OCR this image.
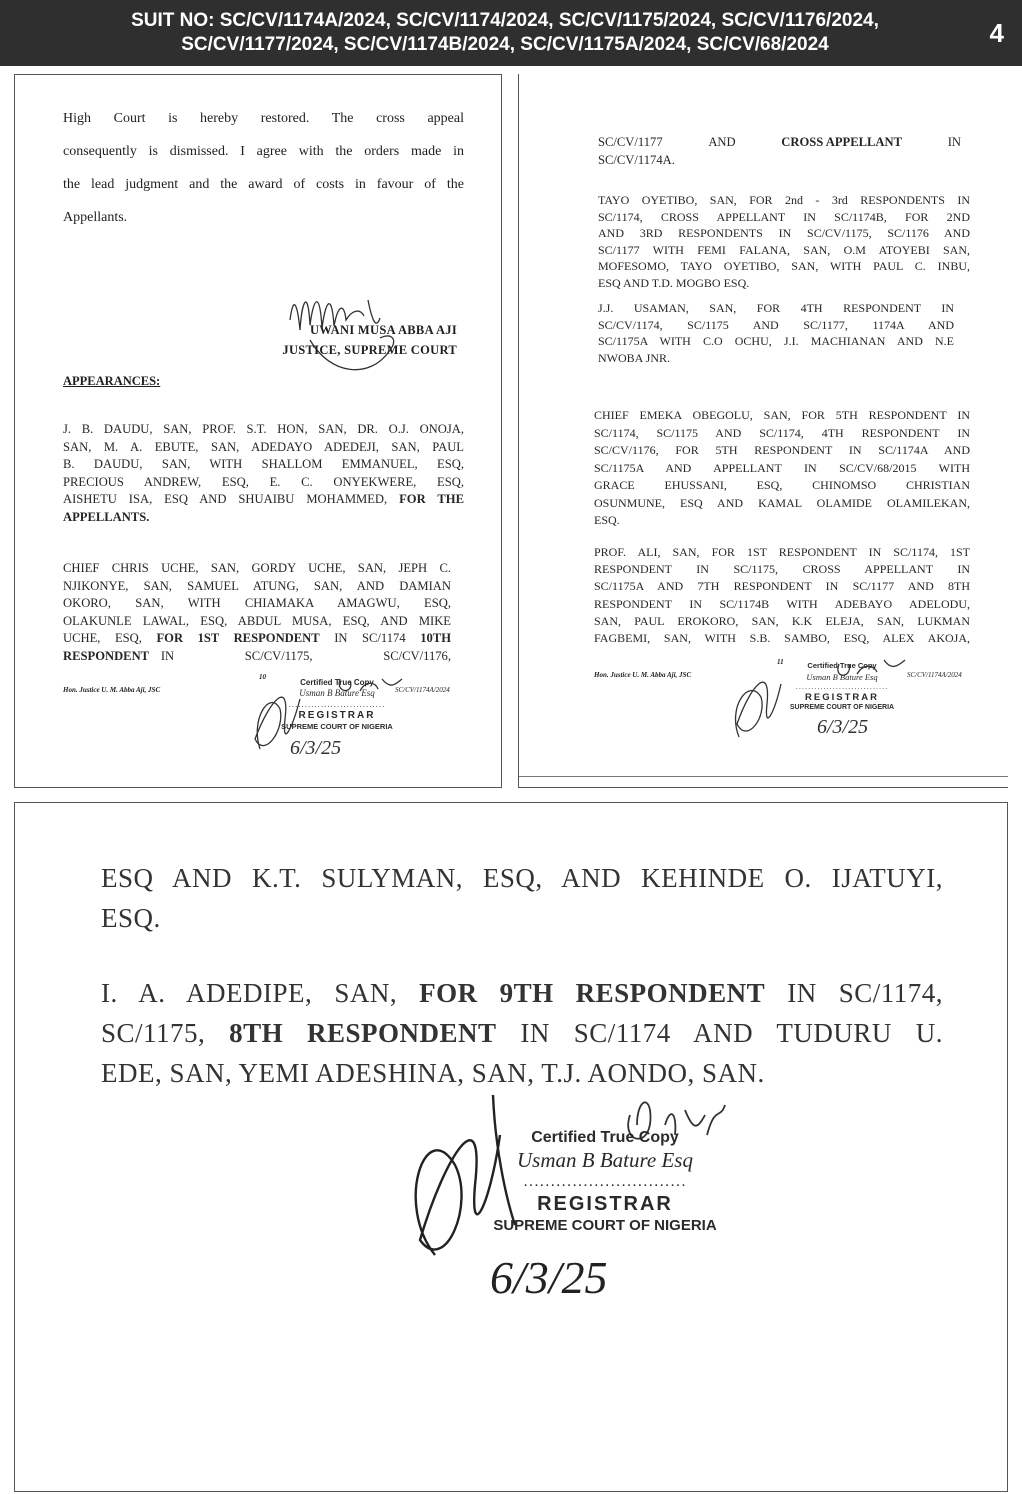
SUIT NO: SC/CV/1174A/2024, SC/CV/1174/2024, SC/CV/1175/2024, SC/CV/1176/2024,
SC/CV/1177/2024, SC/CV/1174B/2024, SC/CV/1175A/2024, SC/CV/68/2024	4
High Court is hereby restored. The cross appeal
consequently is dismissed. I agree with the orders made in
the lead judgment and the award of costs in favour of the
Appellants.
UWANI MUSA ABBA AJI
JUSTICE, SUPREME COURT
APPEARANCES:
J. B. DAUDU, SAN, PROF. S.T. HON, SAN, DR. O.J. ONOJA,
SAN, M. A. EBUTE, SAN, ADEDAYO ADEDEJI, SAN, PAUL
B. DAUDU, SAN, WITH SHALLOM EMMANUEL, ESQ,
PRECIOUS ANDREW, ESQ, E. C. ONYEKWERE, ESQ,
AISHETU ISA, ESQ AND SHUAIBU MOHAMMED, FOR THE
APPELLANTS.
CHIEF CHRIS UCHE, SAN, GORDY UCHE, SAN, JEPH C.
NJIKONYE, SAN, SAMUEL ATUNG, SAN, AND DAMIAN
OKORO, SAN, WITH CHIAMAKA AMAGWU, ESQ,
OLAKUNLE LAWAL, ESQ, ABDUL MUSA, ESQ, AND MIKE
UCHE, ESQ, FOR 1ST RESPONDENT IN SC/1174 10TH
RESPONDENT IN      SC/CV/1175,      SC/CV/1176,
Hon. Justice U. M. Abba Aji, JSC
10
SC/CV/1174A/2024
Certified True Copy
Usman B Bature Esq
..............................
REGISTRAR
SUPREME COURT OF NIGERIA
6/3/25
SC/CV/1177	AND	CROSS APPELLANT	IN
SC/CV/1174A.
TAYO OYETIBO, SAN, FOR 2nd - 3rd RESPONDENTS IN
SC/1174, CROSS APPELLANT IN SC/1174B, FOR 2ND
AND 3RD RESPONDENTS IN SC/CV/1175, SC/1176 AND
SC/1177 WITH FEMI FALANA, SAN, O.M ATOYEBI SAN,
MOFESOMO, TAYO OYETIBO, SAN, WITH PAUL C. INBU,
ESQ AND T.D. MOGBO ESQ.
J.J. USAMAN, SAN, FOR 4TH RESPONDENT IN
SC/CV/1174, SC/1175 AND SC/1177, 1174A AND
SC/1175A WITH C.O OCHU, J.I. MACHIANAN AND N.E
NWOBA JNR.
CHIEF EMEKA OBEGOLU, SAN, FOR 5TH RESPONDENT IN
SC/1174, SC/1175 AND SC/1174, 4TH RESPONDENT IN
SC/CV/1176, FOR 5TH RESPONDENT IN SC/1174A AND
SC/1175A AND APPELLANT IN SC/CV/68/2015 WITH
GRACE EHUSSANI, ESQ, CHINOMSO CHRISTIAN
OSUNMUNE, ESQ AND KAMAL OLAMIDE OLAMILEKAN,
ESQ.
PROF. ALI, SAN, FOR 1ST RESPONDENT IN SC/1174, 1ST
RESPONDENT IN SC/1175, CROSS APPELLANT IN
SC/1175A AND 7TH RESPONDENT IN SC/1177 AND 8TH
RESPONDENT IN SC/1174B WITH ADEBAYO ADELODU,
SAN, PAUL EROKORO, SAN, K.K ELEJA, SAN, LUKMAN
FAGBEMI, SAN, WITH S.B. SAMBO, ESQ, ALEX AKOJA,
Hon. Justice U. M. Abba Aji, JSC
11
SC/CV/1174A/2024
Certified True Copy
Usman B Bature Esq
..............................
REGISTRAR
SUPREME COURT OF NIGERIA
6/3/25
ESQ AND K.T. SULYMAN, ESQ, AND KEHINDE O. IJATUYI,
ESQ.
I. A. ADEDIPE, SAN, FOR 9TH RESPONDENT IN SC/1174,
SC/1175, 8TH RESPONDENT IN SC/1174 AND TUDURU U.
EDE, SAN, YEMI ADESHINA, SAN, T.J. AONDO, SAN.
Certified True Copy
Usman B Bature Esq
..............................
REGISTRAR
SUPREME COURT OF NIGERIA
6/3/25
